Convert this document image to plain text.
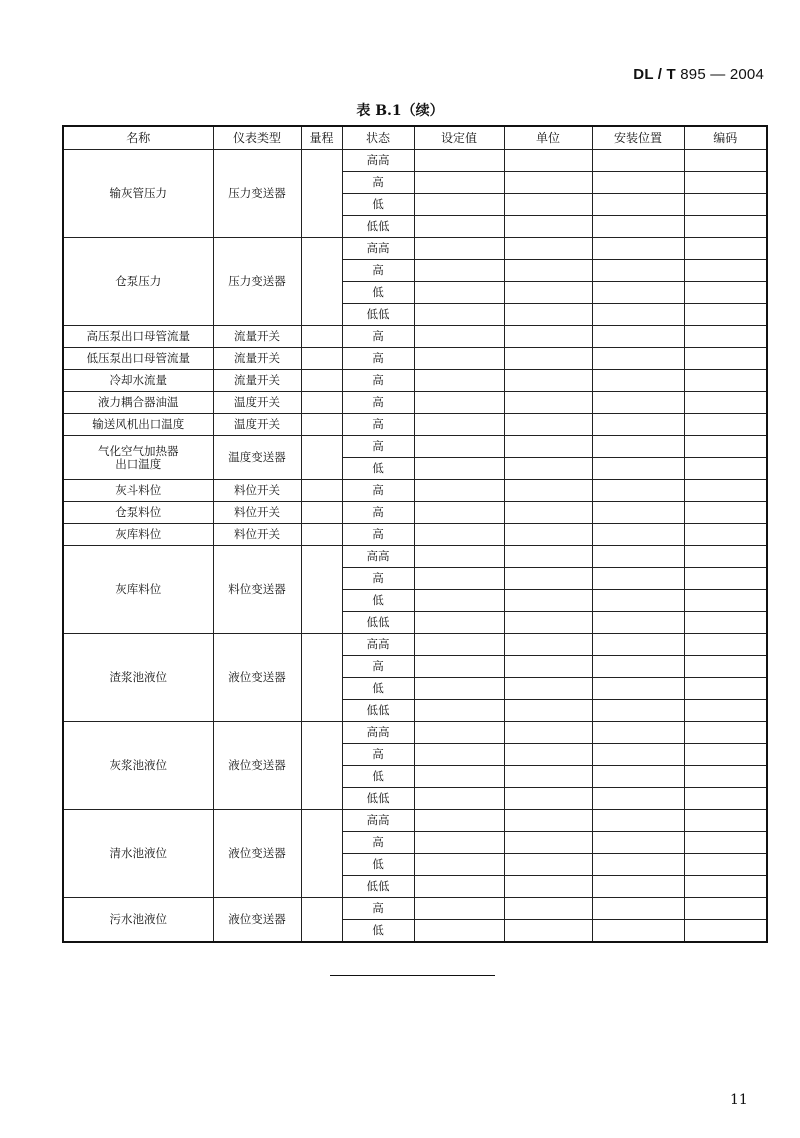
DL / T 895 — 2004
表 B.1（续）
名称	仪表类型	量程	状态	设定值	单位	安装位置	编码
输灰管压力	压力变送器		高高				
			高				
			低				
			低低				
仓泵压力	压力变送器		高高				
			高				
			低				
			低低				
高压泵出口母管流量	流量开关		高				
低压泵出口母管流量	流量开关		高				
冷却水流量	流量开关		高				
液力耦合器油温	温度开关		高				
输送风机出口温度	温度开关		高				
气化空气加热器
出口温度	温度变送器		高				
			低				
灰斗料位	料位开关		高				
仓泵料位	料位开关		高				
灰库料位	料位开关		高				
灰库料位	料位变送器		高高				
			高				
			低				
			低低				
渣浆池液位	液位变送器		高高				
			高				
			低				
			低低				
灰浆池液位	液位变送器		高高				
			高				
			低				
			低低				
清水池液位	液位变送器		高高				
			高				
			低				
			低低				
污水池液位	液位变送器		高				
			低				
11
